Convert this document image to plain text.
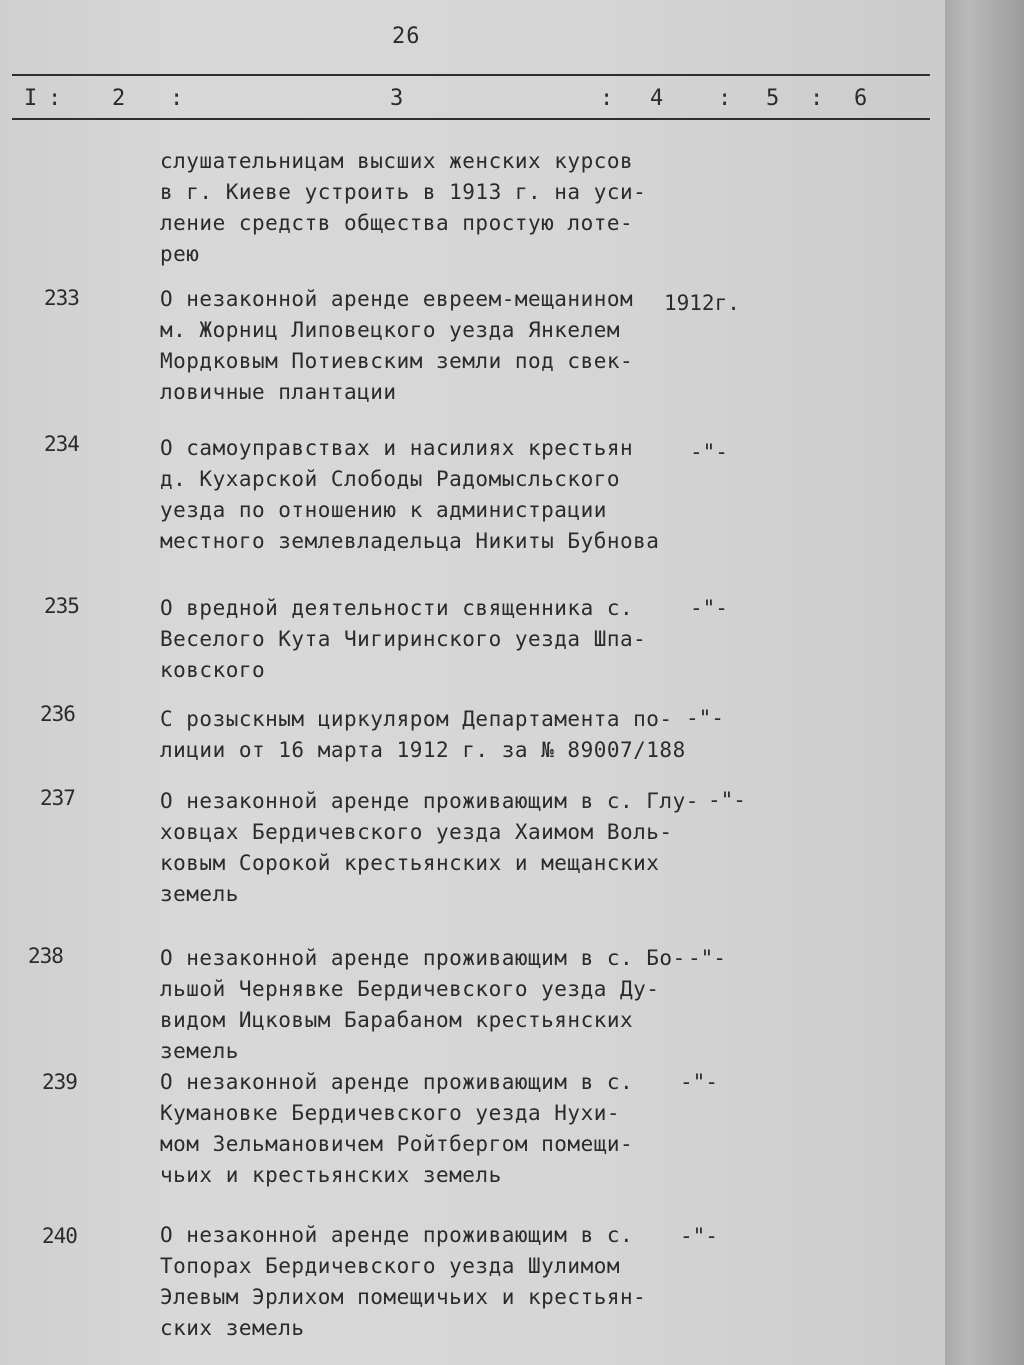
26
I : 2 :	3	: 4 : 5 : 6
слушательницам высших женских курсов
в г. Киеве устроить в 1913 г. на уси-
ление средств общества простую лоте-
рею
233	О незаконной аренде евреем-мещанином
м. Жорниц Липовецкого уезда Янкелем
Мордковым Потиевским земли под свек-
ловичные плантации
1912г.
234	О самоуправствах и насилиях крестьян
д. Кухарской Слободы Радомысльского
уезда по отношению к администрации
местного землевладельца Никиты Бубнова
-"-
235	О вредной деятельности священника с.
Веселого Кута Чигиринского уезда Шпа-
ковского
-"-
236	С розыскным циркуляром Департамента по-
лиции от 16 марта 1912 г. за № 89007/188
-"-
237	О незаконной аренде проживающим в с. Глу-
ховцах Бердичевского уезда Хаимом Воль-
ковым Сорокой крестьянских и мещанских
земель
-"-
238	О незаконной аренде проживающим в с. Бо-
льшой Чернявке Бердичевского уезда Ду-
видом Ицковым Барабаном крестьянских
земель
-"-
239	О незаконной аренде проживающим в с.
Кумановке Бердичевского уезда Нухи-
мом Зельмановичем Ройтбергом помещи-
чьих и крестьянских земель
-"-
240	О незаконной аренде проживающим в с.
Топорах Бердичевского уезда Шулимом
Элевым Эрлихом помещичьих и крестьян-
ских земель
-"-
